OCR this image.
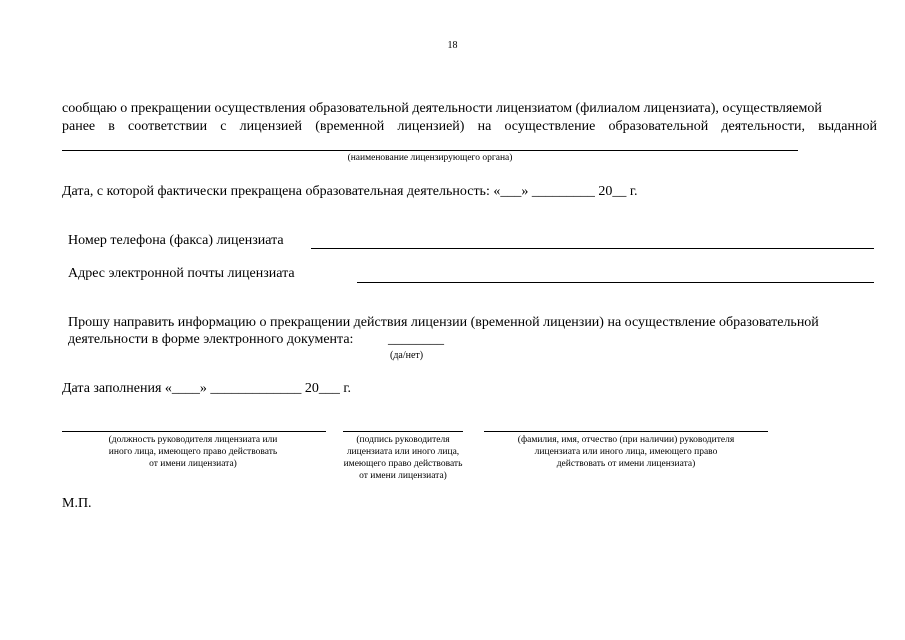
18
сообщаю о прекращении осуществления образовательной деятельности лицензиатом (филиалом лицензиата), осуществляемой
ранее в соответствии с лицензией (временной лицензией) на осуществление образовательной деятельности, выданной
(наименование лицензирующего органа)
Дата, с которой фактически прекращена образовательная деятельность: «___» _________ 20__ г.
Номер телефона (факса) лицензиата
Адрес электронной почты лицензиата
Прошу направить информацию о прекращении действия лицензии (временной лицензии) на осуществление образовательной
деятельности в форме электронного документа: ________
(да/нет)
Дата заполнения «____» _____________ 20___ г.
(должность руководителя лицензиата или иного лица, имеющего право действовать от имени лицензиата)
(подпись руководителя лицензиата или иного лица, имеющего право действовать от имени лицензиата)
(фамилия, имя, отчество (при наличии) руководителя лицензиата или иного лица, имеющего право действовать от имени лицензиата)
М.П.
